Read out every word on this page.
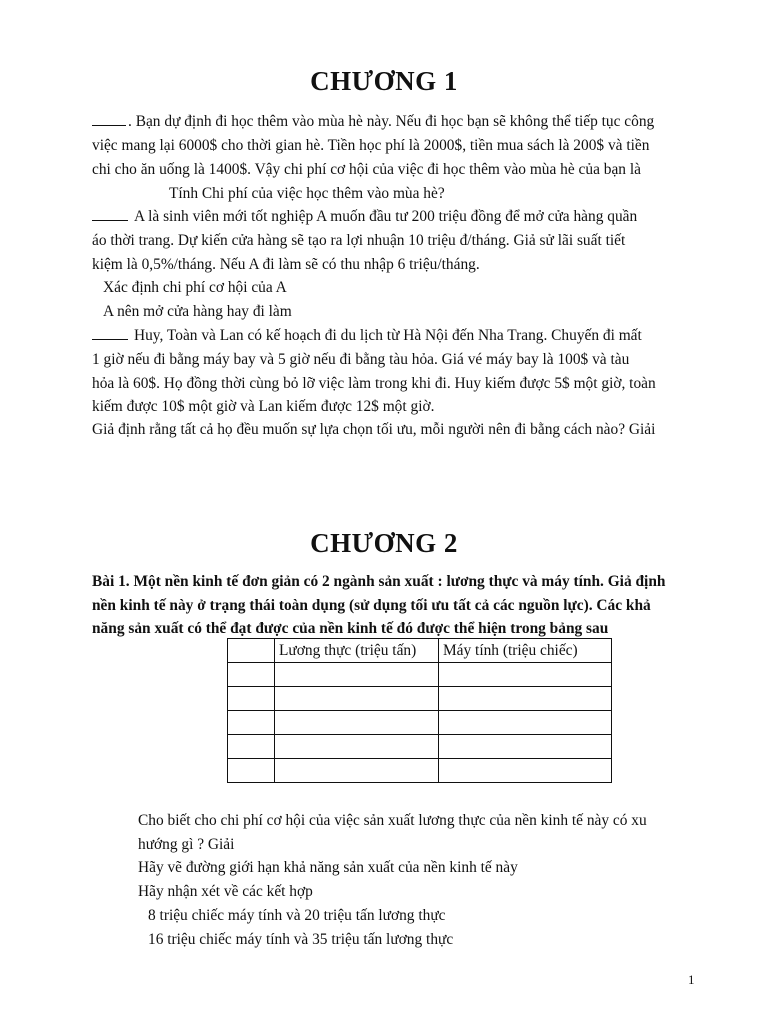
CHƯƠNG 1
. Bạn dự định đi học thêm vào mùa hè này. Nếu đi học bạn sẽ không thể tiếp tục công
việc mang lại 6000$ cho thời gian hè. Tiền học phí là 2000$, tiền mua sách là 200$ và tiền
chi cho ăn uống là 1400$. Vậy chi phí cơ hội của việc đi học thêm vào mùa hè của bạn là
Tính Chi phí của việc học thêm vào mùa hè?
A là sinh viên mới tốt nghiệp A muốn đầu tư 200 triệu đồng để mở cửa hàng quần
áo thời trang. Dự kiến cửa hàng sẽ tạo ra lợi nhuận 10 triệu đ/tháng. Giả sử lãi suất tiết
kiệm là 0,5%/tháng. Nếu A đi làm sẽ có thu nhập 6 triệu/tháng.
Xác định chi phí cơ hội của A
A nên mở cửa hàng hay đi làm
Huy, Toàn và Lan có kế hoạch đi du lịch từ Hà Nội đến Nha Trang. Chuyến đi mất
1 giờ nếu đi bằng máy bay và 5 giờ nếu đi bằng tàu hỏa. Giá vé máy bay là 100$ và tàu
hỏa là 60$. Họ đồng thời cùng bỏ lỡ việc làm trong khi đi. Huy kiếm được 5$ một giờ, toàn
kiếm được 10$ một giờ và Lan kiếm được 12$ một giờ.
Giả định rằng tất cả họ đều muốn sự lựa chọn tối ưu, mỗi người nên đi bằng cách nào? Giải
CHƯƠNG 2
Bài 1. Một nền kinh tế đơn giản có 2 ngành sản xuất : lương thực và máy tính. Giả định
nền kinh tế này ở trạng thái toàn dụng (sử dụng tối ưu tất cả các nguồn lực). Các khả
năng sản xuất có thể đạt được của nền kinh tế đó được thể hiện trong bảng sau
	Lương thực (triệu tấn)	Máy tính (triệu chiếc)

Cho biết cho chi phí cơ hội của việc sản xuất lương thực của nền kinh tế này có xu
hướng gì ? Giải
Hãy vẽ đường giới hạn khả năng sản xuất của nền kinh tế này
Hãy nhận xét về các kết hợp
8 triệu chiếc máy tính và 20 triệu tấn lương thực
16 triệu chiếc máy tính và 35 triệu tấn lương thực
1
